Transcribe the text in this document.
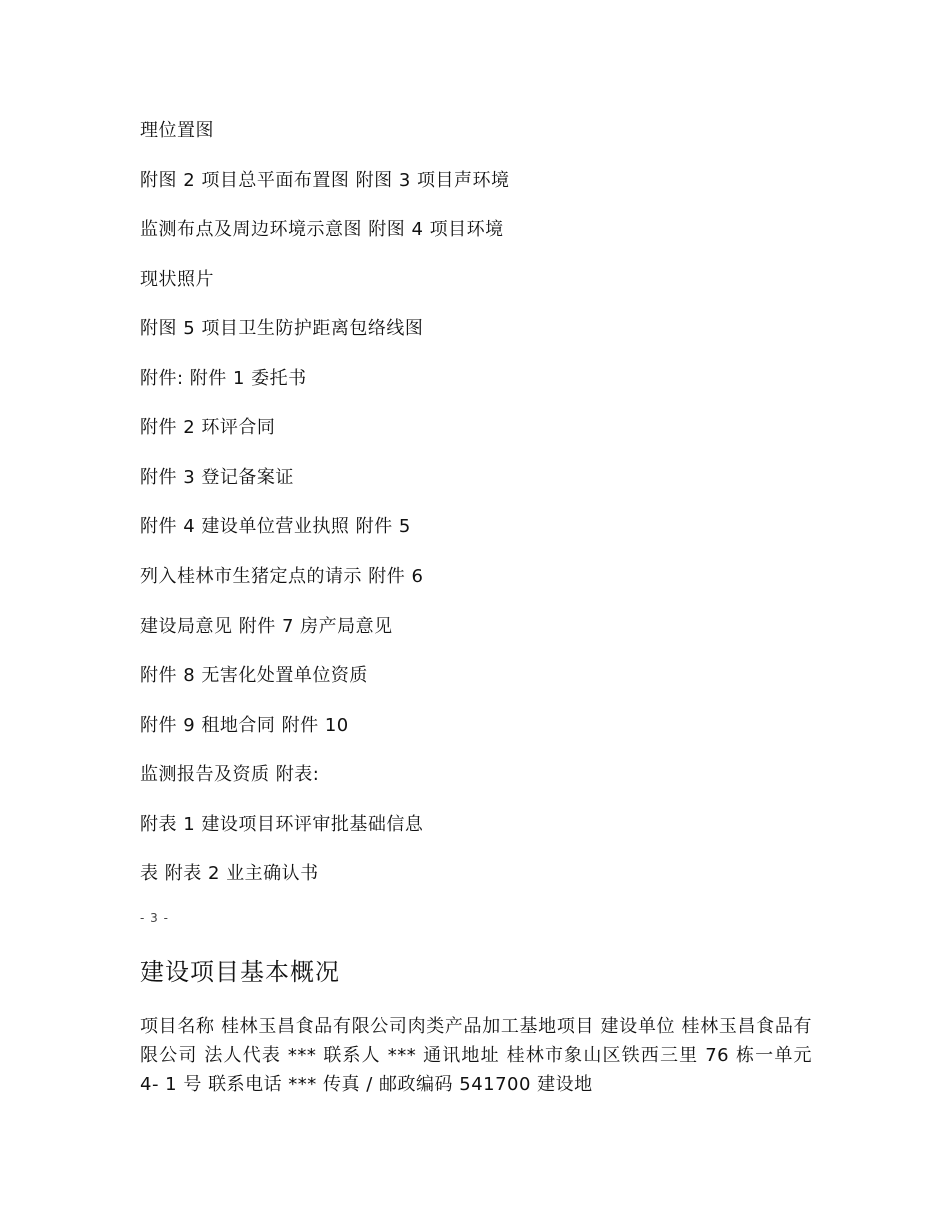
理位置图
附图 2 项目总平面布置图 附图 3 项目声环境
监测布点及周边环境示意图 附图 4 项目环境
现状照片
附图 5 项目卫生防护距离包络线图
附件: 附件 1 委托书
附件 2 环评合同
附件 3 登记备案证
附件 4 建设单位营业执照 附件 5
列入桂林市生猪定点的请示 附件 6
建设局意见 附件 7 房产局意见
附件 8 无害化处置单位资质
附件 9 租地合同 附件 10
监测报告及资质 附表:
附表 1 建设项目环评审批基础信息
表 附表 2 业主确认书
- 3 -
建设项目基本概况
项目名称 桂林玉昌食品有限公司肉类产品加工基地项目 建设单位 桂林玉昌食品有限公司 法人代表 *** 联系人 *** 通讯地址 桂林市象山区铁西三里 76 栋一单元 4- 1 号 联系电话 *** 传真 / 邮政编码 541700 建设地
